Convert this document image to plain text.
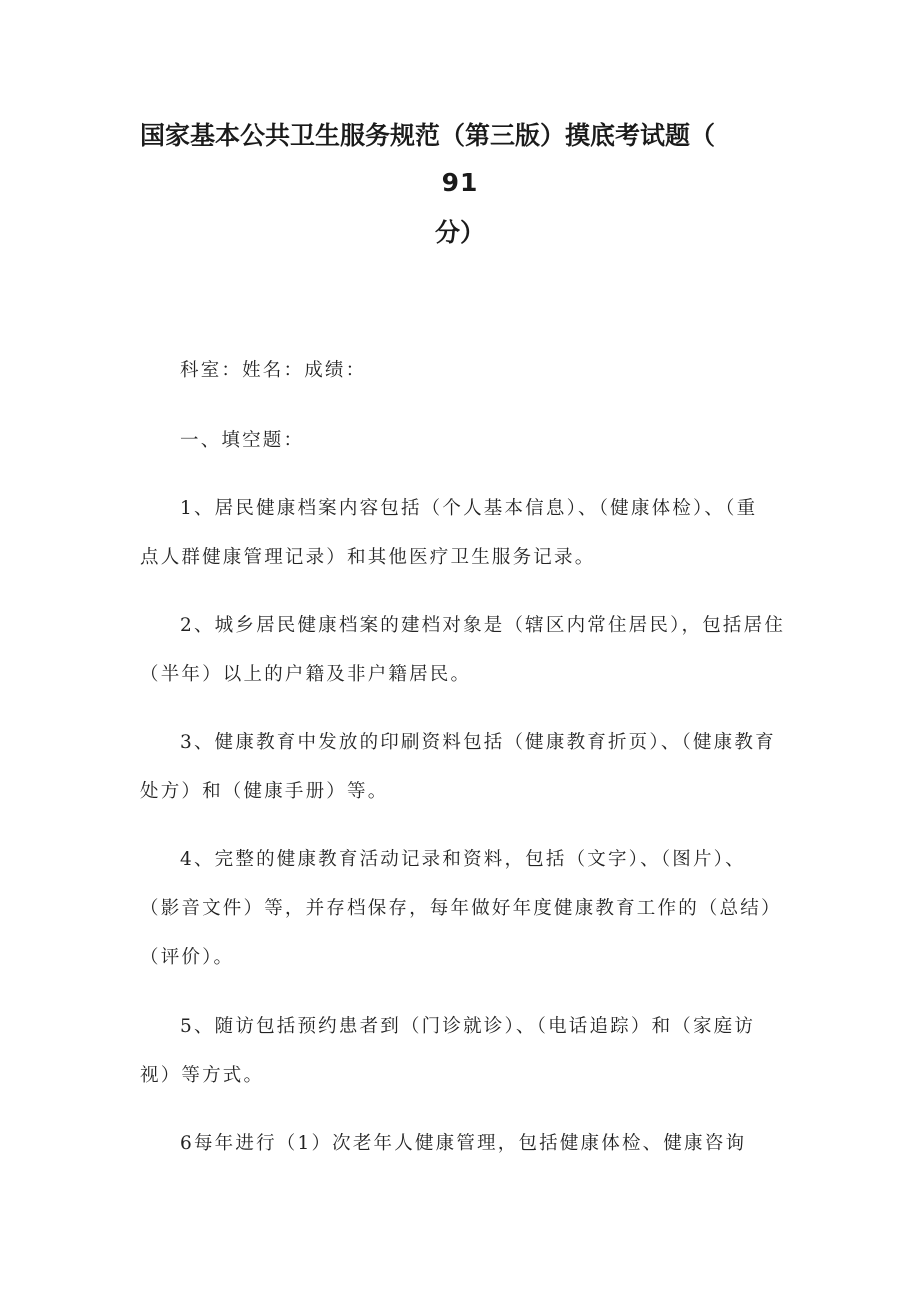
国家基本公共卫生服务规范（第三版）摸底考试题（
91
分）
科室：姓名：成绩：
一、填空题：
1、居民健康档案内容包括（个人基本信息）、（健康体检）、（重
点人群健康管理记录）和其他医疗卫生服务记录。
2、城乡居民健康档案的建档对象是（辖区内常住居民），包括居住
（半年）以上的户籍及非户籍居民。
3、健康教育中发放的印刷资料包括（健康教育折页）、（健康教育
处方）和（健康手册）等。
4、完整的健康教育活动记录和资料，包括（文字）、（图片）、
（影音文件）等，并存档保存，每年做好年度健康教育工作的（总结）
（评价）。
5、随访包括预约患者到（门诊就诊）、（电话追踪）和（家庭访
视）等方式。
6每年进行（1）次老年人健康管理，包括健康体检、健康咨询
